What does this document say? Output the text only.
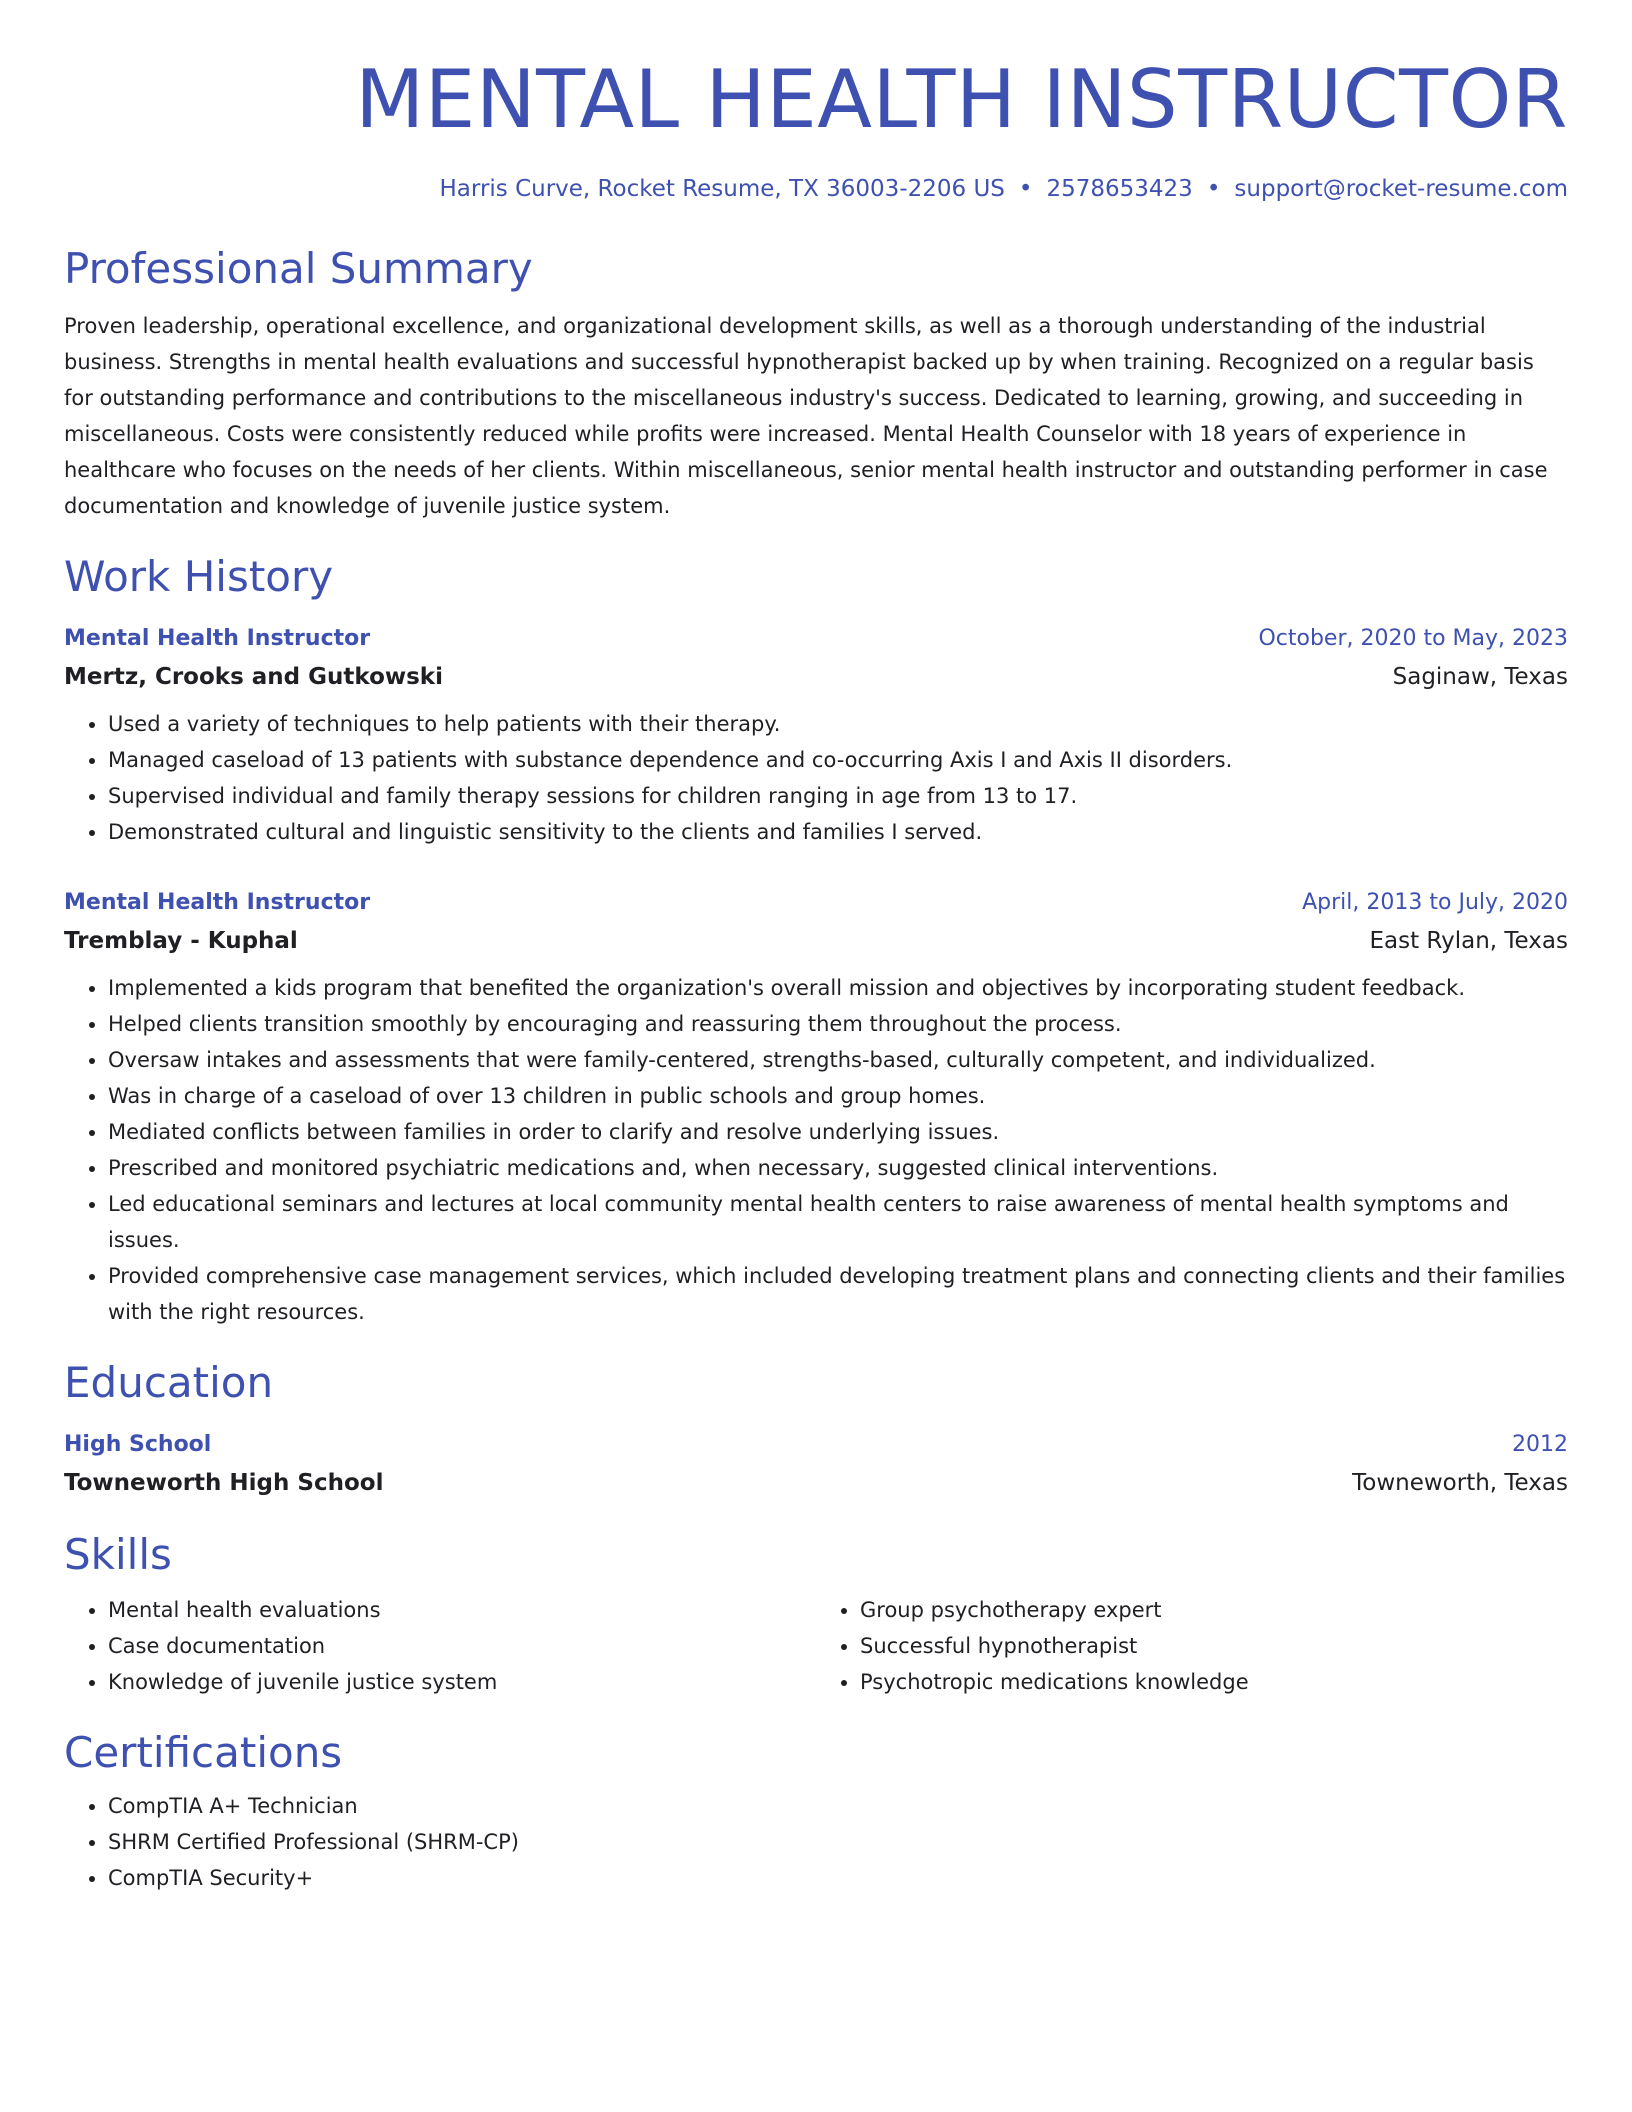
MENTAL HEALTH INSTRUCTOR
Harris Curve, Rocket Resume, TX 36003-2206 US • 2578653423 • support@rocket-resume.com
Professional Summary
Proven leadership, operational excellence, and organizational development skills, as well as a thorough understanding of the industrial business. Strengths in mental health evaluations and successful hypnotherapist backed up by when training. Recognized on a regular basis for outstanding performance and contributions to the miscellaneous industry's success. Dedicated to learning, growing, and succeeding in miscellaneous. Costs were consistently reduced while profits were increased. Mental Health Counselor with 18 years of experience in healthcare who focuses on the needs of her clients. Within miscellaneous, senior mental health instructor and outstanding performer in case documentation and knowledge of juvenile justice system.
Work History
Mental Health Instructor	October, 2020 to May, 2023
Mertz, Crooks and Gutkowski	Saginaw, Texas
• Used a variety of techniques to help patients with their therapy.
• Managed caseload of 13 patients with substance dependence and co-occurring Axis I and Axis II disorders.
• Supervised individual and family therapy sessions for children ranging in age from 13 to 17.
• Demonstrated cultural and linguistic sensitivity to the clients and families I served.
Mental Health Instructor	April, 2013 to July, 2020
Tremblay - Kuphal	East Rylan, Texas
• Implemented a kids program that benefited the organization's overall mission and objectives by incorporating student feedback.
• Helped clients transition smoothly by encouraging and reassuring them throughout the process.
• Oversaw intakes and assessments that were family-centered, strengths-based, culturally competent, and individualized.
• Was in charge of a caseload of over 13 children in public schools and group homes.
• Mediated conflicts between families in order to clarify and resolve underlying issues.
• Prescribed and monitored psychiatric medications and, when necessary, suggested clinical interventions.
• Led educational seminars and lectures at local community mental health centers to raise awareness of mental health symptoms and issues.
• Provided comprehensive case management services, which included developing treatment plans and connecting clients and their families with the right resources.
Education
High School	2012
Towneworth High School	Towneworth, Texas
Skills
• Mental health evaluations
• Case documentation
• Knowledge of juvenile justice system
• Group psychotherapy expert
• Successful hypnotherapist
• Psychotropic medications knowledge
Certifications
• CompTIA A+ Technician
• SHRM Certified Professional (SHRM-CP)
• CompTIA Security+
